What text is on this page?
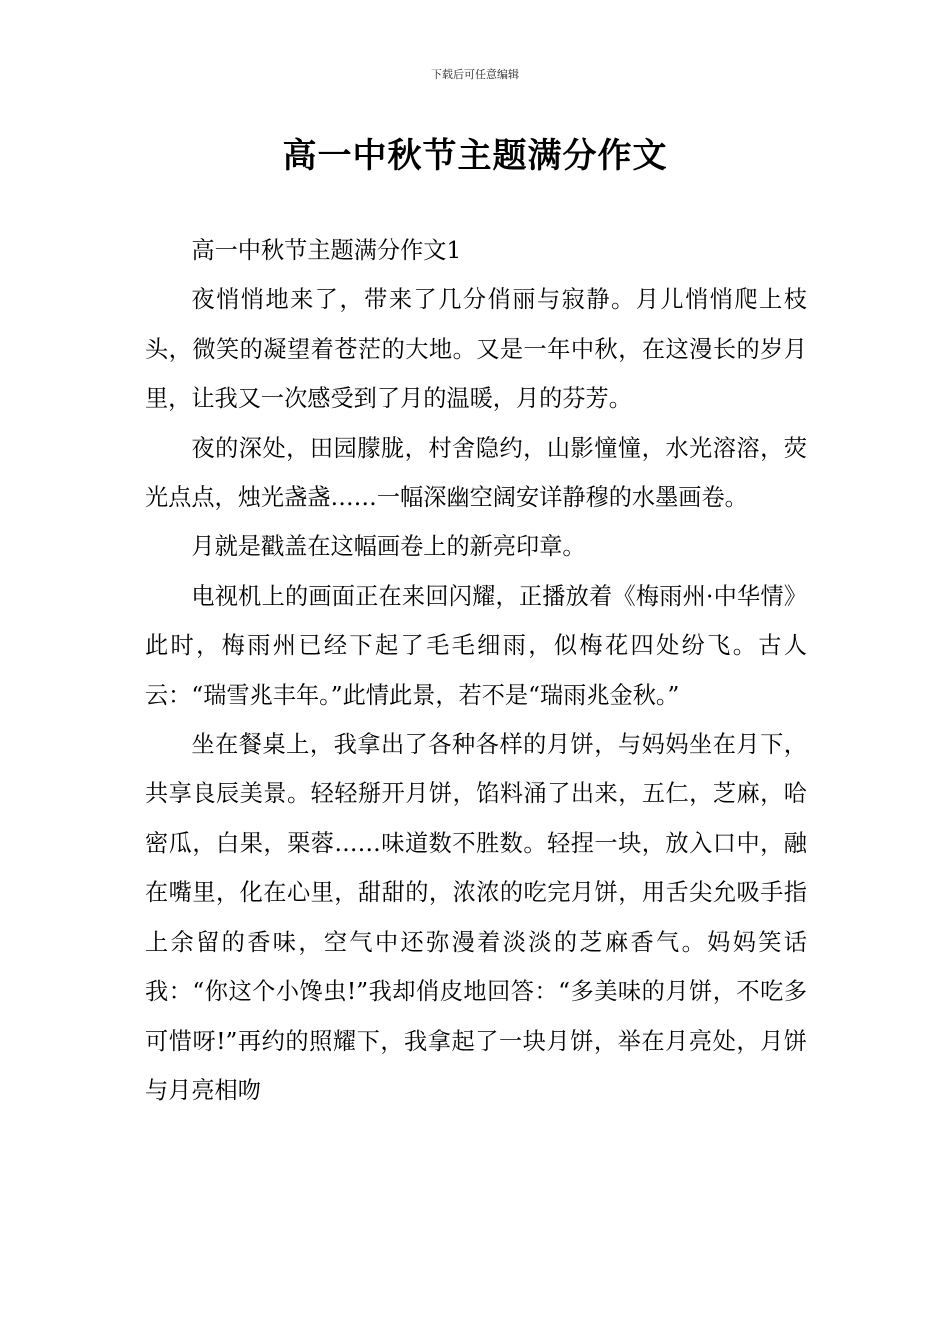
下载后可任意编辑
高一中秋节主题满分作文

高一中秋节主题满分作文1

夜悄悄地来了，带来了几分俏丽与寂静。月儿悄悄爬上枝头，微笑的凝望着苍茫的大地。又是一年中秋，在这漫长的岁月里，让我又一次感受到了月的温暖，月的芬芳。

夜的深处，田园朦胧，村舍隐约，山影憧憧，水光溶溶，荧光点点，烛光盏盏……一幅深幽空阔安详静穆的水墨画卷。

月就是戳盖在这幅画卷上的新亮印章。

电视机上的画面正在来回闪耀，正播放着《梅雨州·中华情》此时，梅雨州已经下起了毛毛细雨，似梅花四处纷飞。古人云：“瑞雪兆丰年。”此情此景，若不是“瑞雨兆金秋。”

坐在餐桌上，我拿出了各种各样的月饼，与妈妈坐在月下，共享良辰美景。轻轻掰开月饼，馅料涌了出来，五仁，芝麻，哈密瓜，白果，栗蓉……味道数不胜数。轻捏一块，放入口中，融在嘴里，化在心里，甜甜的，浓浓的吃完月饼，用舌尖允吸手指上余留的香味，空气中还弥漫着淡淡的芝麻香气。妈妈笑话我：“你这个小馋虫!”我却俏皮地回答：“多美味的月饼，不吃多可惜呀!”再约的照耀下，我拿起了一块月饼，举在月亮处，月饼与月亮相吻
